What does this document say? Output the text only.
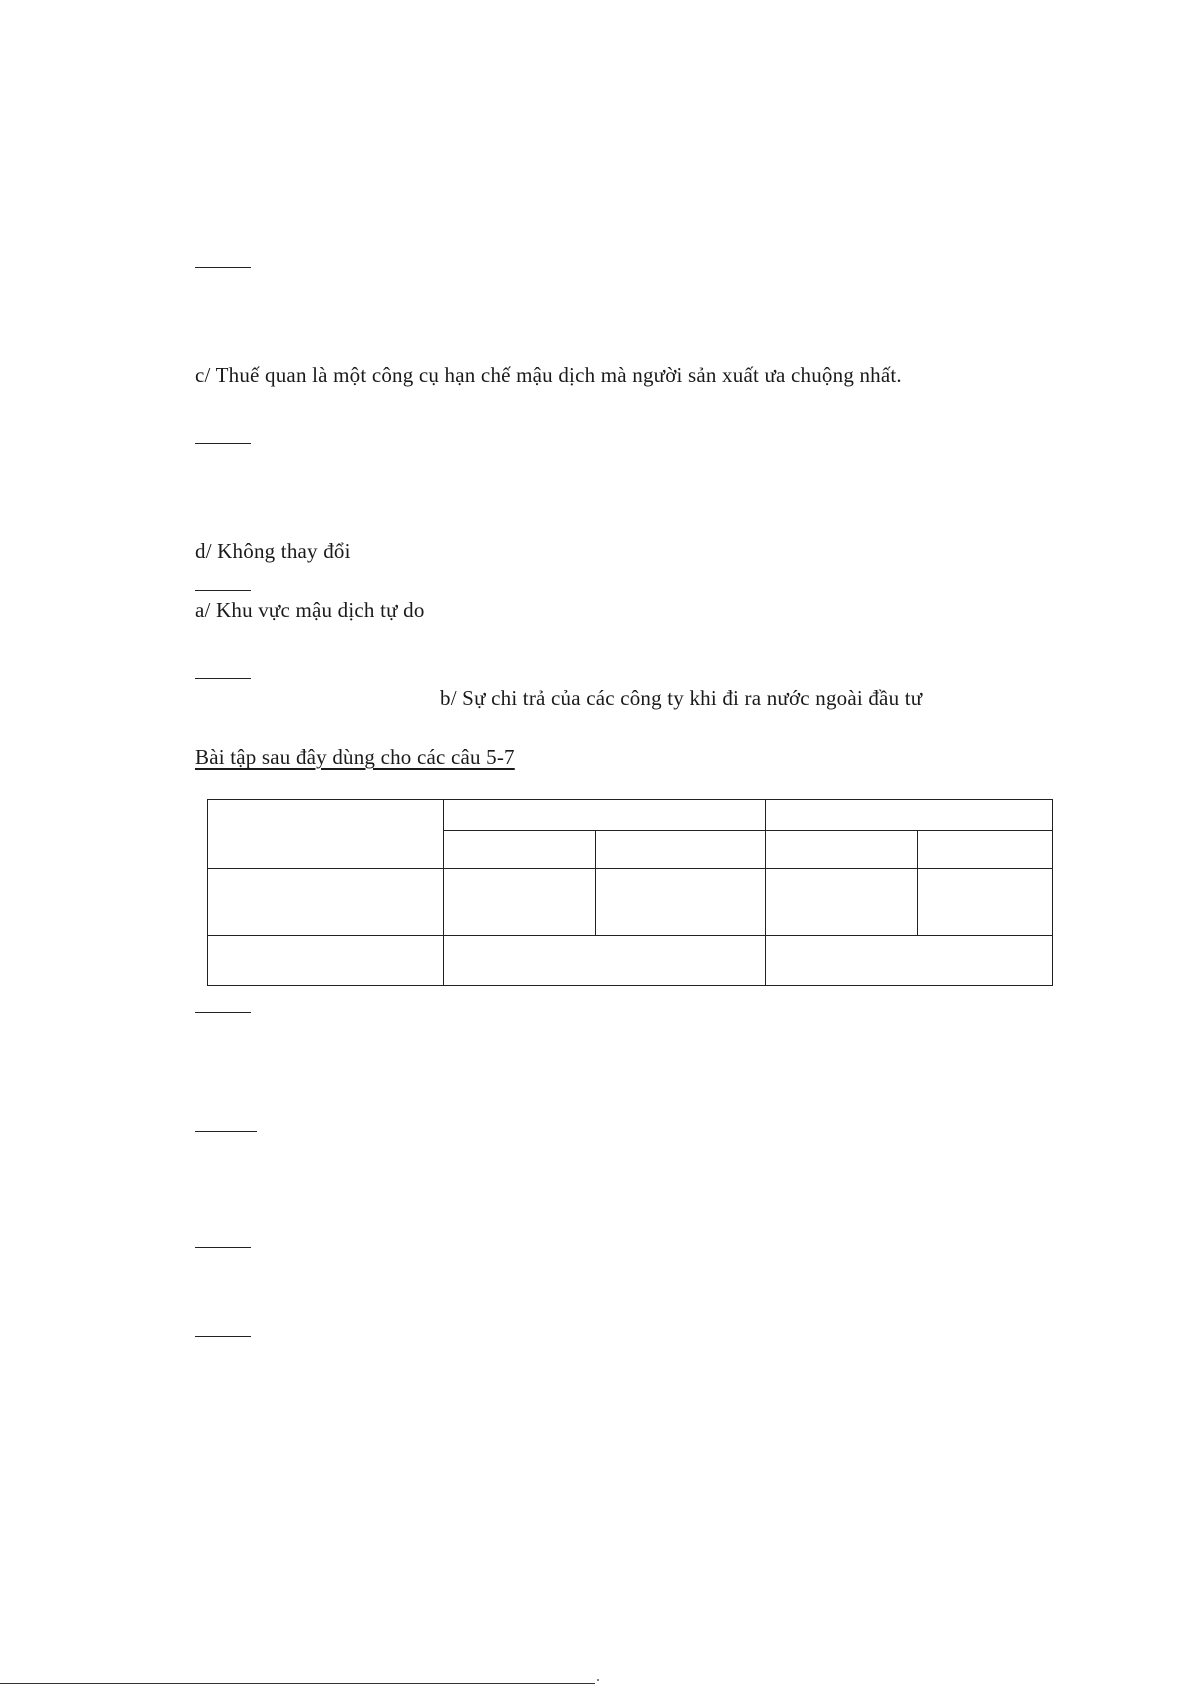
c/ Thuế quan là một công cụ hạn chế mậu dịch mà người sản xuất ưa chuộng nhất.
d/ Không thay đổi
a/ Khu vực mậu dịch tự do
b/ Sự chi trả của các công ty khi đi ra nước ngoài đầu tư
Bài tập sau đây dùng cho các câu 5-7
